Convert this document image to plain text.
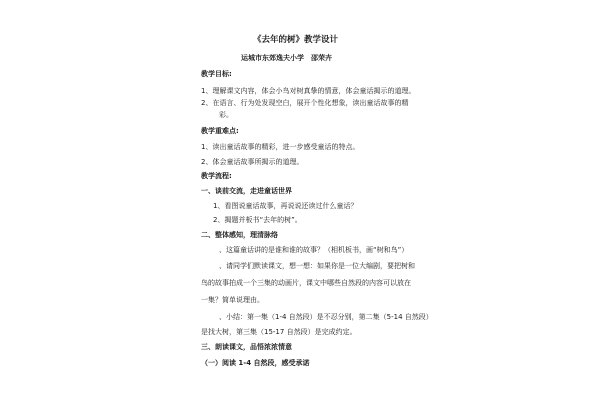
《去年的树》教学设计
运城市东郊逸夫小学　邵荣卉
教学目标:
1、理解课文内容，体会小鸟对树真挚的情意，体会童话揭示的道理。
2、在语言、行为处发现空白，展开个性化想象，读出童话故事的精
彩。
教学重难点:
1、读出童话故事的精彩，进一步感受童话的特点。
2、体会童话故事所揭示的道理。
教学流程:
一、谈前交流，走进童话世界
1、看图说童话故事，再说说还读过什么童话？
2、揭题并板书“去年的树”。
二、整体感知，理清脉络
、这篇童话讲的是谁和谁的故事？（相机板书，画“树和鸟”）
、请同学们默读课文，想一想：如果你是一位大编剧，要把树和
鸟的故事拍成一个三集的动画片，课文中哪些自然段的内容可以放在
一集？简单说理由。
、小结：第一集（1-4 自然段）是不忍分别，第二集（5-14 自然段）
是找大树，第三集（15-17 自然段）是完成约定。
三、朗读课文，品悟浓浓情意
（一）阅读 1-4 自然段，感受承诺
